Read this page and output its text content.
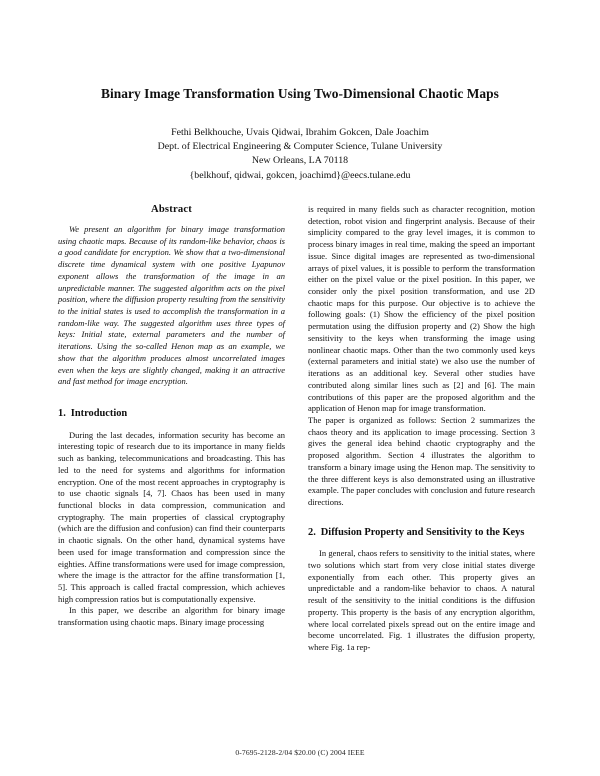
Binary Image Transformation Using Two-Dimensional Chaotic Maps
Fethi Belkhouche, Uvais Qidwai, Ibrahim Gokcen, Dale Joachim
Dept. of Electrical Engineering & Computer Science, Tulane University
New Orleans, LA 70118
{belkhouf, qidwai, gokcen, joachimd}@eecs.tulane.edu
Abstract

We present an algorithm for binary image transformation using chaotic maps. Because of its random-like behavior, chaos is a good candidate for encryption. We show that a two-dimensional discrete time dynamical system with one positive Lyapunov exponent allows the transformation of the image in an unpredictable manner. The suggested algorithm acts on the pixel position, where the diffusion property resulting from the sensitivity to the initial states is used to accomplish the transformation in a random-like way. The suggested algorithm uses three types of keys: Initial state, external parameters and the number of iterations. Using the so-called Henon map as an example, we show that the algorithm produces almost uncorrelated images even when the keys are slightly changed, making it an attractive and fast method for image encryption.

1. Introduction

During the last decades, information security has become an interesting topic of research due to its importance in many fields such as banking, telecommunications and broadcasting. This has led to the need for systems and algorithms for information encryption. One of the most recent approaches in cryptography is to use chaotic signals [4, 7]. Chaos has been used in many functional blocks in data compression, communication and cryptography. The main properties of classical cryptography (which are the diffusion and confusion) can find their counterparts in chaotic signals. On the other hand, dynamical systems have been used for image transformation and compression since the eighties. Affine transformations were used for image compression, where the image is the attractor for the affine transformation [1, 5]. This approach is called fractal compression, which achieves high compression ratios but is computationally expensive.

In this paper, we describe an algorithm for binary image transformation using chaotic maps. Binary image processing

is required in many fields such as character recognition, motion detection, robot vision and fingerprint analysis. Because of their simplicity compared to the gray level images, it is common to process binary images in real time, making the speed an important issue. Since digital images are represented as two-dimensional arrays of pixel values, it is possible to perform the transformation either on the pixel value or the pixel position. In this paper, we consider only the pixel position transformation, and use 2D chaotic maps for this purpose. Our objective is to achieve the following goals: (1) Show the efficiency of the pixel position permutation using the diffusion property and (2) Show the high sensitivity to the keys when transforming the image using nonlinear chaotic maps. Other than the two commonly used keys (external parameters and initial state) we also use the number of iterations as an additional key. Several other studies have contributed along similar lines such as [2] and [6]. The main contributions of this paper are the proposed algorithm and the application of Henon map for image transformation.

The paper is organized as follows: Section 2 summarizes the chaos theory and its application to image processing. Section 3 gives the general idea behind chaotic cryptography and the proposed algorithm. Section 4 illustrates the algorithm to transform a binary image using the Henon map. The sensitivity to the three different keys is also demonstrated using an illustrative example. The paper concludes with conclusion and future research directions.

2. Diffusion Property and Sensitivity to the Keys

In general, chaos refers to sensitivity to the initial states, where two solutions which start from very close initial states diverge exponentially from each other. This property gives an unpredictable and a random-like behavior to chaos. A natural result of the sensitivity to the initial conditions is the diffusion property. This property is the basis of any encryption algorithm, where local correlated pixels spread out on the entire image and become uncorrelated. Fig. 1 illustrates the diffusion property, where Fig. 1a rep-

0-7695-2128-2/04 $20.00 (C) 2004 IEEE
